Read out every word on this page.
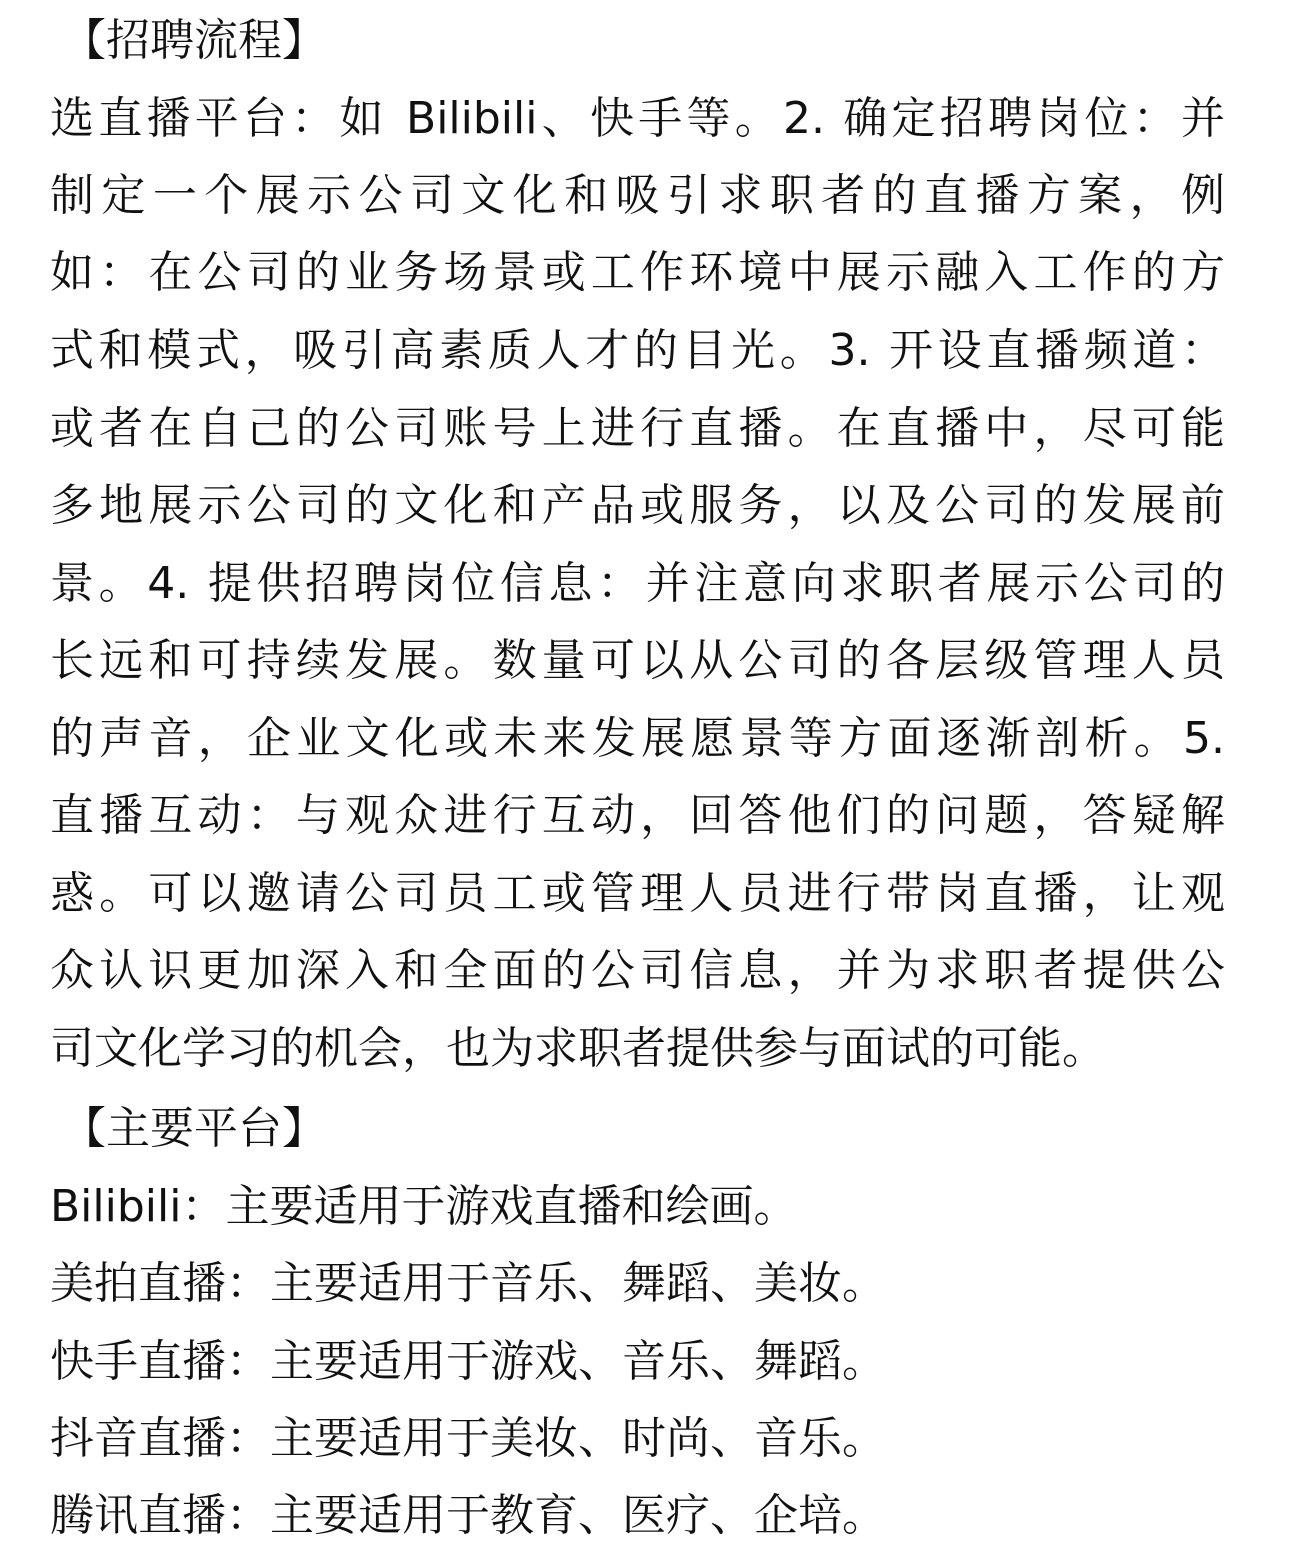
【招聘流程】
选直播平台：如 Bilibili、快手等。2. 确定招聘岗位：并
制定一个展示公司文化和吸引求职者的直播方案，例
如：在公司的业务场景或工作环境中展示融入工作的方
式和模式，吸引高素质人才的目光。3. 开设直播频道：
或者在自己的公司账号上进行直播。在直播中，尽可能
多地展示公司的文化和产品或服务，以及公司的发展前
景。4. 提供招聘岗位信息：并注意向求职者展示公司的
长远和可持续发展。数量可以从公司的各层级管理人员
的声音，企业文化或未来发展愿景等方面逐渐剖析。5.
直播互动：与观众进行互动，回答他们的问题，答疑解
惑。可以邀请公司员工或管理人员进行带岗直播，让观
众认识更加深入和全面的公司信息，并为求职者提供公
司文化学习的机会，也为求职者提供参与面试的可能。
【主要平台】
Bilibili：主要适用于游戏直播和绘画。
美拍直播：主要适用于音乐、舞蹈、美妆。
快手直播：主要适用于游戏、音乐、舞蹈。
抖音直播：主要适用于美妆、时尚、音乐。
腾讯直播：主要适用于教育、医疗、企培。
